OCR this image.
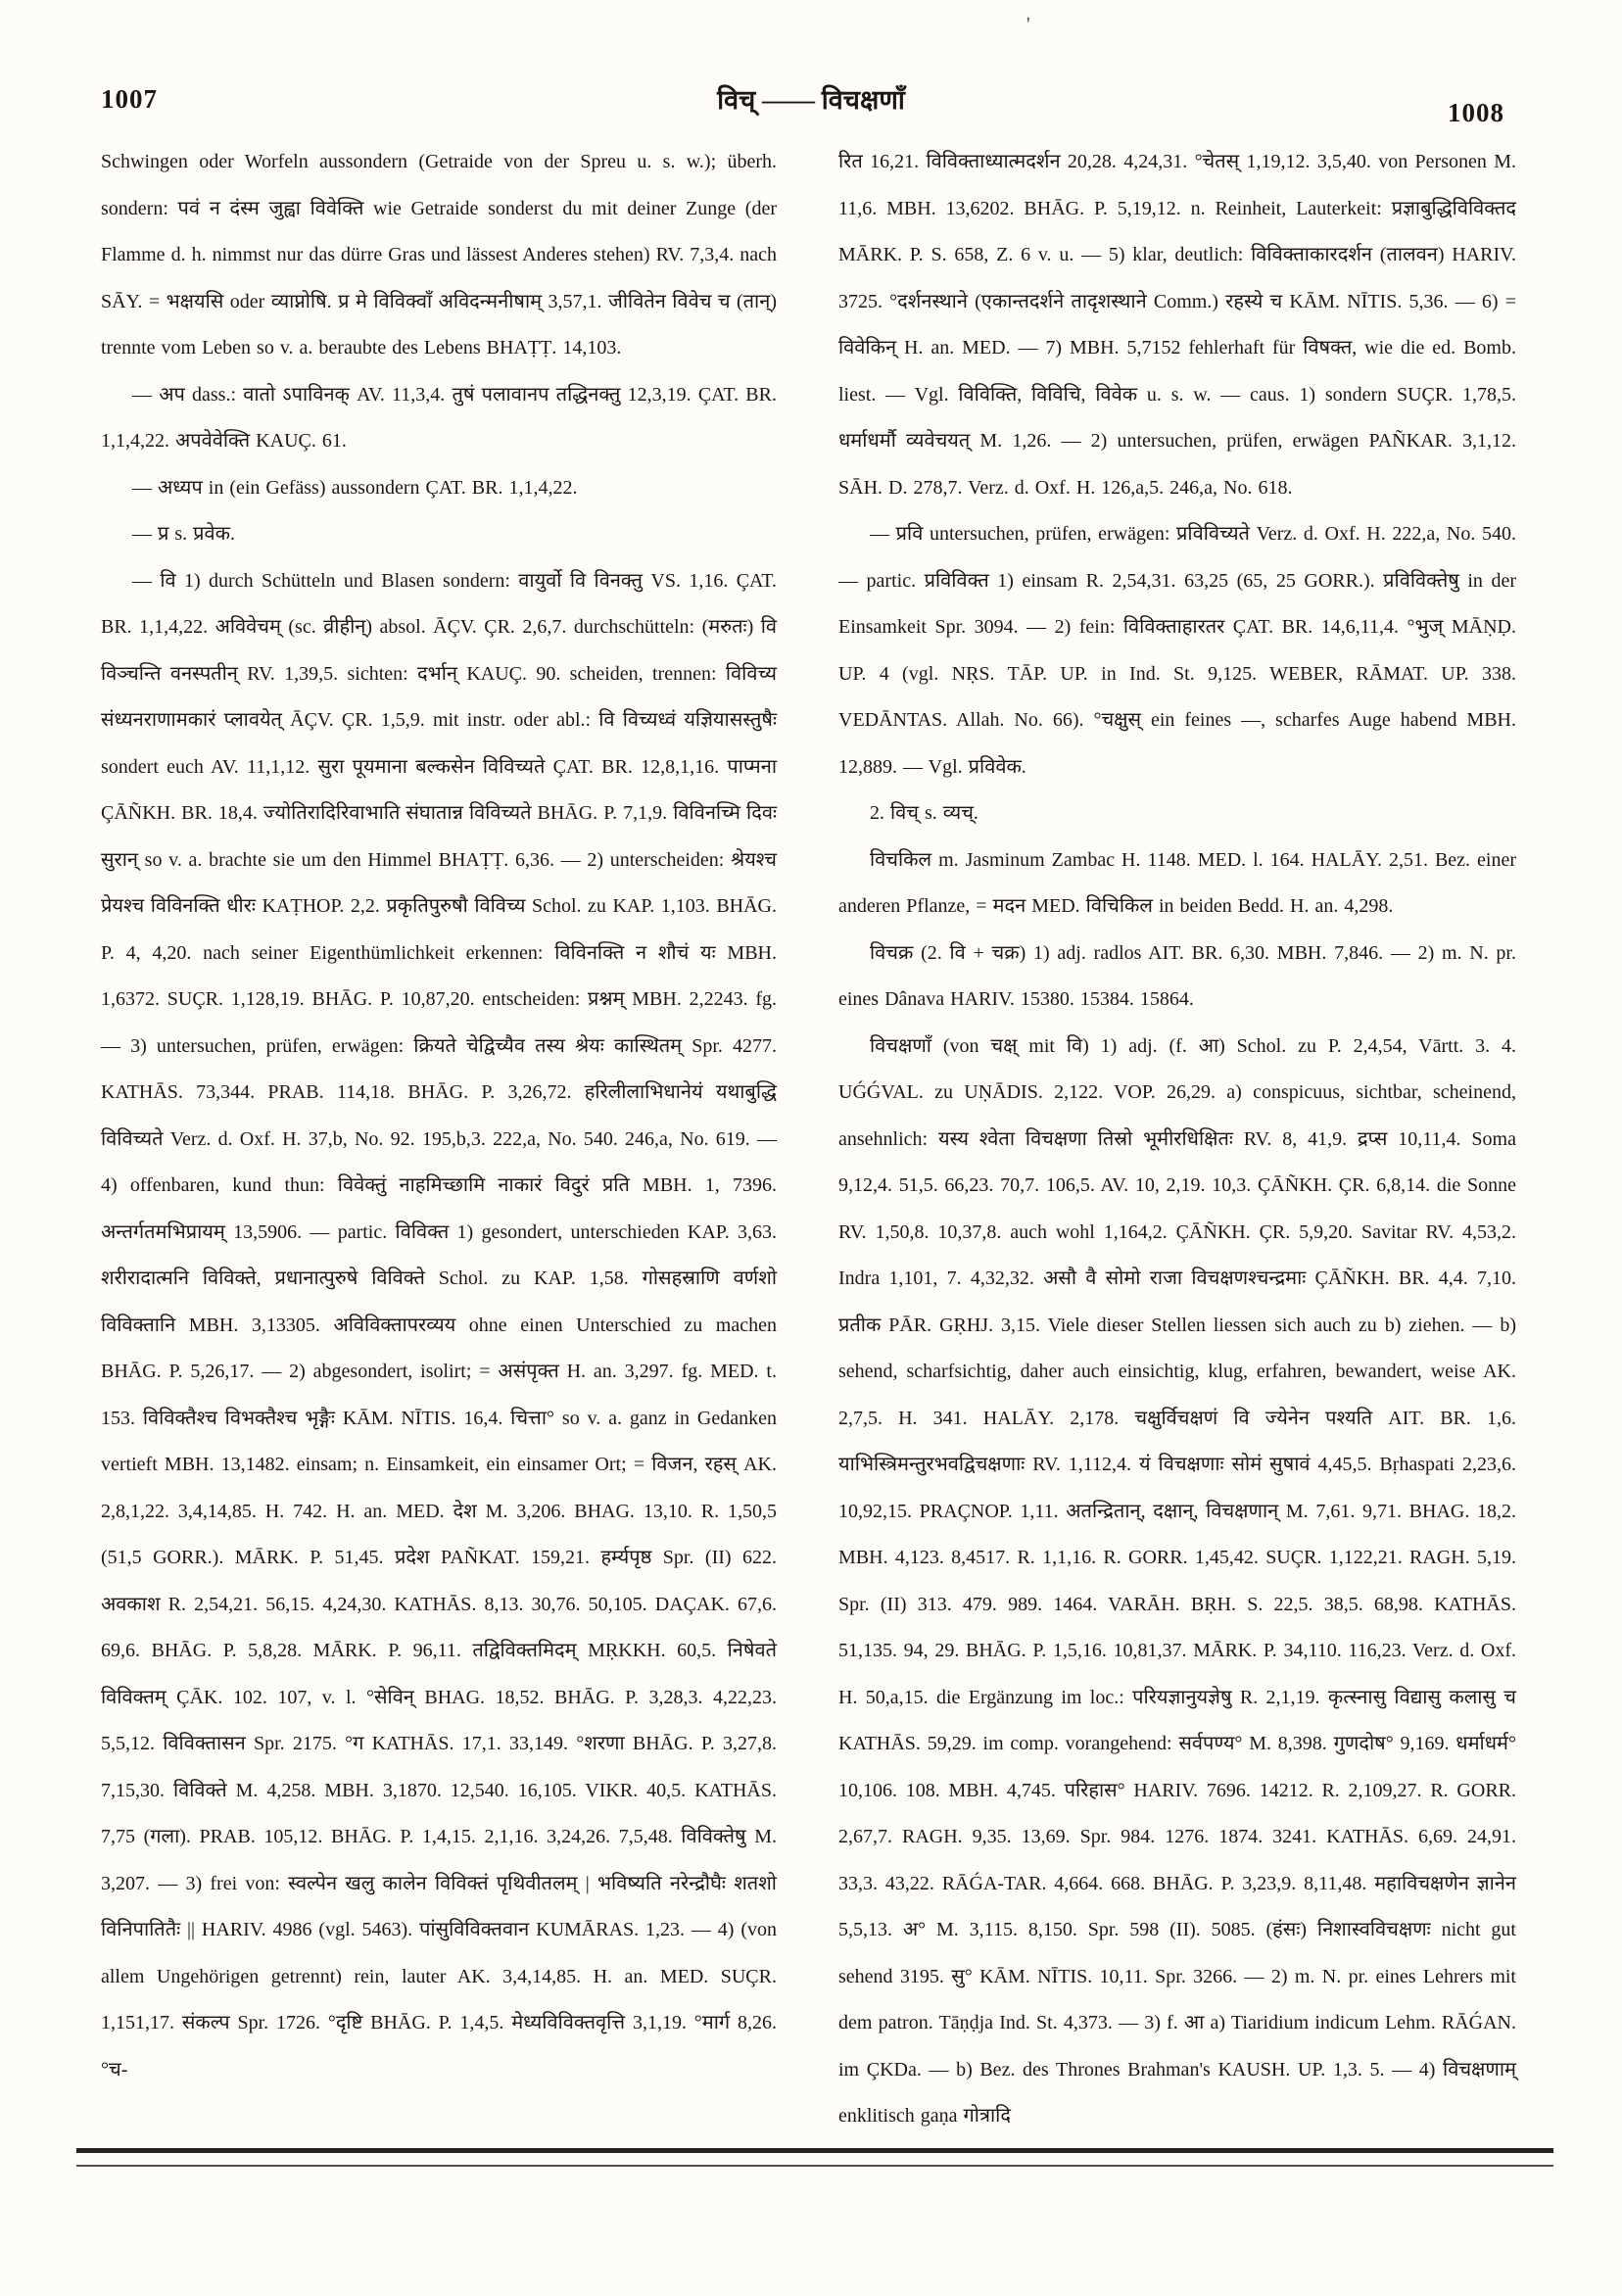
'
1007	विच् —— विचक्षणाँ	1008

Schwingen oder Worfeln aussondern (Getraide von der Spreu u. s. w.); überh. sondern: पवं न दंस्म जुह्वा विवेक्ति wie Getraide sonderst du mit deiner Zunge (der Flamme d. h. nimmst nur das dürre Gras und lässest Anderes stehen) RV. 7,3,4. nach SĀY. = भक्षयसि oder व्याप्नोषि. प्र मे विविक्वाँ अविदन्मनीषाम् 3,57,1. जीवितेन विवेच च (तान्) trennte vom Leben so v. a. beraubte des Lebens BHAṬṬ. 14,103.

— अप dass.: वातो ऽपाविनक् AV. 11,3,4. तुषं पलावानप तद्धिनक्तु 12,3,19. ÇAT. BR. 1,1,4,22. अपवेवेक्ति KAUÇ. 61.

— अध्यप in (ein Gefäss) aussondern ÇAT. BR. 1,1,4,22.

— प्र s. प्रवेक.

— वि 1) durch Schütteln und Blasen sondern: वायुर्वो वि विनक्तु VS. 1,16. ÇAT. BR. 1,1,4,22. अविवेचम् (sc. व्रीहीन्) absol. ĀÇV. ÇR. 2,6,7. durchschütteln: (मरुतः) वि विञ्चन्ति वनस्पतीन् RV. 1,39,5. sichten: दर्भान् KAUÇ. 90. scheiden, trennen: विविच्य संध्यनराणामकारं प्लावयेत् ĀÇV. ÇR. 1,5,9. mit instr. oder abl.: वि विच्यध्वं यज्ञियासस्तुषैः sondert euch AV. 11,1,12. सुरा पूयमाना बल्कसेन विविच्यते ÇAT. BR. 12,8,1,16. पाप्मना ÇĀÑKH. BR. 18,4. ज्योतिरादिरिवाभाति संघातान्न विविच्यते BHĀG. P. 7,1,9. विविनच्मि दिवः सुरान् so v. a. brachte sie um den Himmel BHAṬṬ. 6,36. — 2) unterscheiden: श्रेयश्च प्रेयश्च विविनक्ति धीरः KAṬHOP. 2,2. प्रकृतिपुरुषौ विविच्य Schol. zu KAP. 1,103. BHĀG. P. 4, 4,20. nach seiner Eigenthümlichkeit erkennen: विविनक्ति न शौचं यः MBH. 1,6372. SUÇR. 1,128,19. BHĀG. P. 10,87,20. entscheiden: प्रश्नम् MBH. 2,2243. fg. — 3) untersuchen, prüfen, erwägen: क्रियते चेद्विच्यैव तस्य श्रेयः कास्थितम् Spr. 4277. KATHĀS. 73,344. PRAB. 114,18. BHĀG. P. 3,26,72. हरिलीलाभिधानेयं यथाबुद्धि विविच्यते Verz. d. Oxf. H. 37,b, No. 92. 195,b,3. 222,a, No. 540. 246,a, No. 619. — 4) offenbaren, kund thun: विवेक्तुं नाहमिच्छामि नाकारं विदुरं प्रति MBH. 1, 7396. अन्तर्गतमभिप्रायम् 13,5906. — partic. विविक्त 1) gesondert, unterschieden KAP. 3,63. शरीरादात्मनि विविक्ते, प्रधानात्पुरुषे विविक्ते Schol. zu KAP. 1,58. गोसहस्राणि वर्णशो विविक्तानि MBH. 3,13305. अविविक्तापरव्यय ohne einen Unterschied zu machen BHĀG. P. 5,26,17. — 2) abgesondert, isolirt; = असंपृक्त H. an. 3,297. fg. MED. t. 153. विविक्तैश्च विभक्तैश्च भृङ्गैः KĀM. NĪTIS. 16,4. चित्ता° so v. a. ganz in Gedanken vertieft MBH. 13,1482. einsam; n. Einsamkeit, ein einsamer Ort; = विजन, रहस् AK. 2,8,1,22. 3,4,14,85. H. 742. H. an. MED. देश M. 3,206. BHAG. 13,10. R. 1,50,5 (51,5 GORR.). MĀRK. P. 51,45. प्रदेश PAÑKAT. 159,21. हर्म्यपृष्ठ Spr. (II) 622. अवकाश R. 2,54,21. 56,15. 4,24,30. KATHĀS. 8,13. 30,76. 50,105. DAÇAK. 67,6. 69,6. BHĀG. P. 5,8,28. MĀRK. P. 96,11. तद्विविक्तमिदम् MṚKKH. 60,5. निषेवते विविक्तम् ÇĀK. 102. 107, v. l. °सेविन् BHAG. 18,52. BHĀG. P. 3,28,3. 4,22,23. 5,5,12. विविक्तासन Spr. 2175. °ग KATHĀS. 17,1. 33,149. °शरणा BHĀG. P. 3,27,8. 7,15,30. विविक्ते M. 4,258. MBH. 3,1870. 12,540. 16,105. VIKR. 40,5. KATHĀS. 7,75 (गला). PRAB. 105,12. BHĀG. P. 1,4,15. 2,1,16. 3,24,26. 7,5,48. विविक्तेषु M. 3,207. — 3) frei von: स्वल्पेन खलु कालेन विविक्तं पृथिवीतलम् | भविष्यति नरेन्द्रौघैः शतशो विनिपातितैः || HARIV. 4986 (vgl. 5463). पांसुविविक्तवान KUMĀRAS. 1,23. — 4) (von allem Ungehörigen getrennt) rein, lauter AK. 3,4,14,85. H. an. MED. SUÇR. 1,151,17. संकल्प Spr. 1726. °दृष्टि BHĀG. P. 1,4,5. मेध्यविविक्तवृत्ति 3,1,19. °मार्ग 8,26. °च-

रित 16,21. विविक्ताध्यात्मदर्शन 20,28. 4,24,31. °चेतस् 1,19,12. 3,5,40. von Personen M. 11,6. MBH. 13,6202. BHĀG. P. 5,19,12. n. Reinheit, Lauterkeit: प्रज्ञाबुद्धिविविक्तद MĀRK. P. S. 658, Z. 6 v. u. — 5) klar, deutlich: विविक्ताकारदर्शन (तालवन) HARIV. 3725. °दर्शनस्थाने (एकान्तदर्शने तादृशस्थाने Comm.) रहस्ये च KĀM. NĪTIS. 5,36. — 6) = विवेकिन् H. an. MED. — 7) MBH. 5,7152 fehlerhaft für विषक्त, wie die ed. Bomb. liest. — Vgl. विविक्ति, विविचि, विवेक u. s. w. — caus. 1) sondern SUÇR. 1,78,5. धर्माधर्मौ व्यवेचयत् M. 1,26. — 2) untersuchen, prüfen, erwägen PAÑKAR. 3,1,12. SĀH. D. 278,7. Verz. d. Oxf. H. 126,a,5. 246,a, No. 618.

— प्रवि untersuchen, prüfen, erwägen: प्रविविच्यते Verz. d. Oxf. H. 222,a, No. 540. — partic. प्रविविक्त 1) einsam R. 2,54,31. 63,25 (65, 25 GORR.). प्रविविक्तेषु in der Einsamkeit Spr. 3094. — 2) fein: विविक्ताहारतर ÇAT. BR. 14,6,11,4. °भुज् MĀṆḌ. UP. 4 (vgl. NṚS. TĀP. UP. in Ind. St. 9,125. WEBER, RĀMAT. UP. 338. VEDĀNTAS. Allah. No. 66). °चक्षुस् ein feines —, scharfes Auge habend MBH. 12,889. — Vgl. प्रविवेक.

2. विच् s. व्यच्.

विचकिल m. Jasminum Zambac H. 1148. MED. l. 164. HALĀY. 2,51. Bez. einer anderen Pflanze, = मदन MED. विचिकिल in beiden Bedd. H. an. 4,298.

विचक्र (2. वि + चक्र) 1) adj. radlos AIT. BR. 6,30. MBH. 7,846. — 2) m. N. pr. eines Dânava HARIV. 15380. 15384. 15864.

विचक्षणाँ (von चक्ष् mit वि) 1) adj. (f. आ) Schol. zu P. 2,4,54, Vārtt. 3. 4. UǴǴVAL. zu UṆĀDIS. 2,122. VOP. 26,29. a) conspicuus, sichtbar, scheinend, ansehnlich: यस्य श्वेता विचक्षणा तिस्रो भूमीरधिक्षितः RV. 8, 41,9. द्रप्स 10,11,4. Soma 9,12,4. 51,5. 66,23. 70,7. 106,5. AV. 10, 2,19. 10,3. ÇĀÑKH. ÇR. 6,8,14. die Sonne RV. 1,50,8. 10,37,8. auch wohl 1,164,2. ÇĀÑKH. ÇR. 5,9,20. Savitar RV. 4,53,2. Indra 1,101, 7. 4,32,32. असौ वै सोमो राजा विचक्षणश्चन्द्रमाः ÇĀÑKH. BR. 4,4. 7,10. प्रतीक PĀR. GṚHJ. 3,15. Viele dieser Stellen liessen sich auch zu b) ziehen. — b) sehend, scharfsichtig, daher auch einsichtig, klug, erfahren, bewandert, weise AK. 2,7,5. H. 341. HALĀY. 2,178. चक्षुर्विचक्षणं वि ज्येनेन पश्यति AIT. BR. 1,6. याभिस्त्रिमन्तुरभवद्विचक्षणाः RV. 1,112,4. यं विचक्षणाः सोमं सुषावं 4,45,5. Bṛhaspati 2,23,6. 10,92,15. PRAÇNOP. 1,11. अतन्द्रितान्, दक्षान्, विचक्षणान् M. 7,61. 9,71. BHAG. 18,2. MBH. 4,123. 8,4517. R. 1,1,16. R. GORR. 1,45,42. SUÇR. 1,122,21. RAGH. 5,19. Spr. (II) 313. 479. 989. 1464. VARĀH. BṚH. S. 22,5. 38,5. 68,98. KATHĀS. 51,135. 94, 29. BHĀG. P. 1,5,16. 10,81,37. MĀRK. P. 34,110. 116,23. Verz. d. Oxf. H. 50,a,15. die Ergänzung im loc.: परियज्ञानुयज्ञेषु R. 2,1,19. कृत्स्नासु विद्यासु कलासु च KATHĀS. 59,29. im comp. vorangehend: सर्वपण्य° M. 8,398. गुणदोष° 9,169. धर्माधर्म° 10,106. 108. MBH. 4,745. परिहास° HARIV. 7696. 14212. R. 2,109,27. R. GORR. 2,67,7. RAGH. 9,35. 13,69. Spr. 984. 1276. 1874. 3241. KATHĀS. 6,69. 24,91. 33,3. 43,22. RĀǴA-TAR. 4,664. 668. BHĀG. P. 3,23,9. 8,11,48. महाविचक्षणेन ज्ञानेन 5,5,13. अ° M. 3,115. 8,150. Spr. 598 (II). 5085. (हंसः) निशास्वविचक्षणः nicht gut sehend 3195. सु° KĀM. NĪTIS. 10,11. Spr. 3266. — 2) m. N. pr. eines Lehrers mit dem patron. Tāṇḍja Ind. St. 4,373. — 3) f. आ a) Tiaridium indicum Lehm. RĀǴAN. im ÇKDa. — b) Bez. des Thrones Brahman's KAUSH. UP. 1,3. 5. — 4) विचक्षणाम् enklitisch gaṇa गोत्रादि
